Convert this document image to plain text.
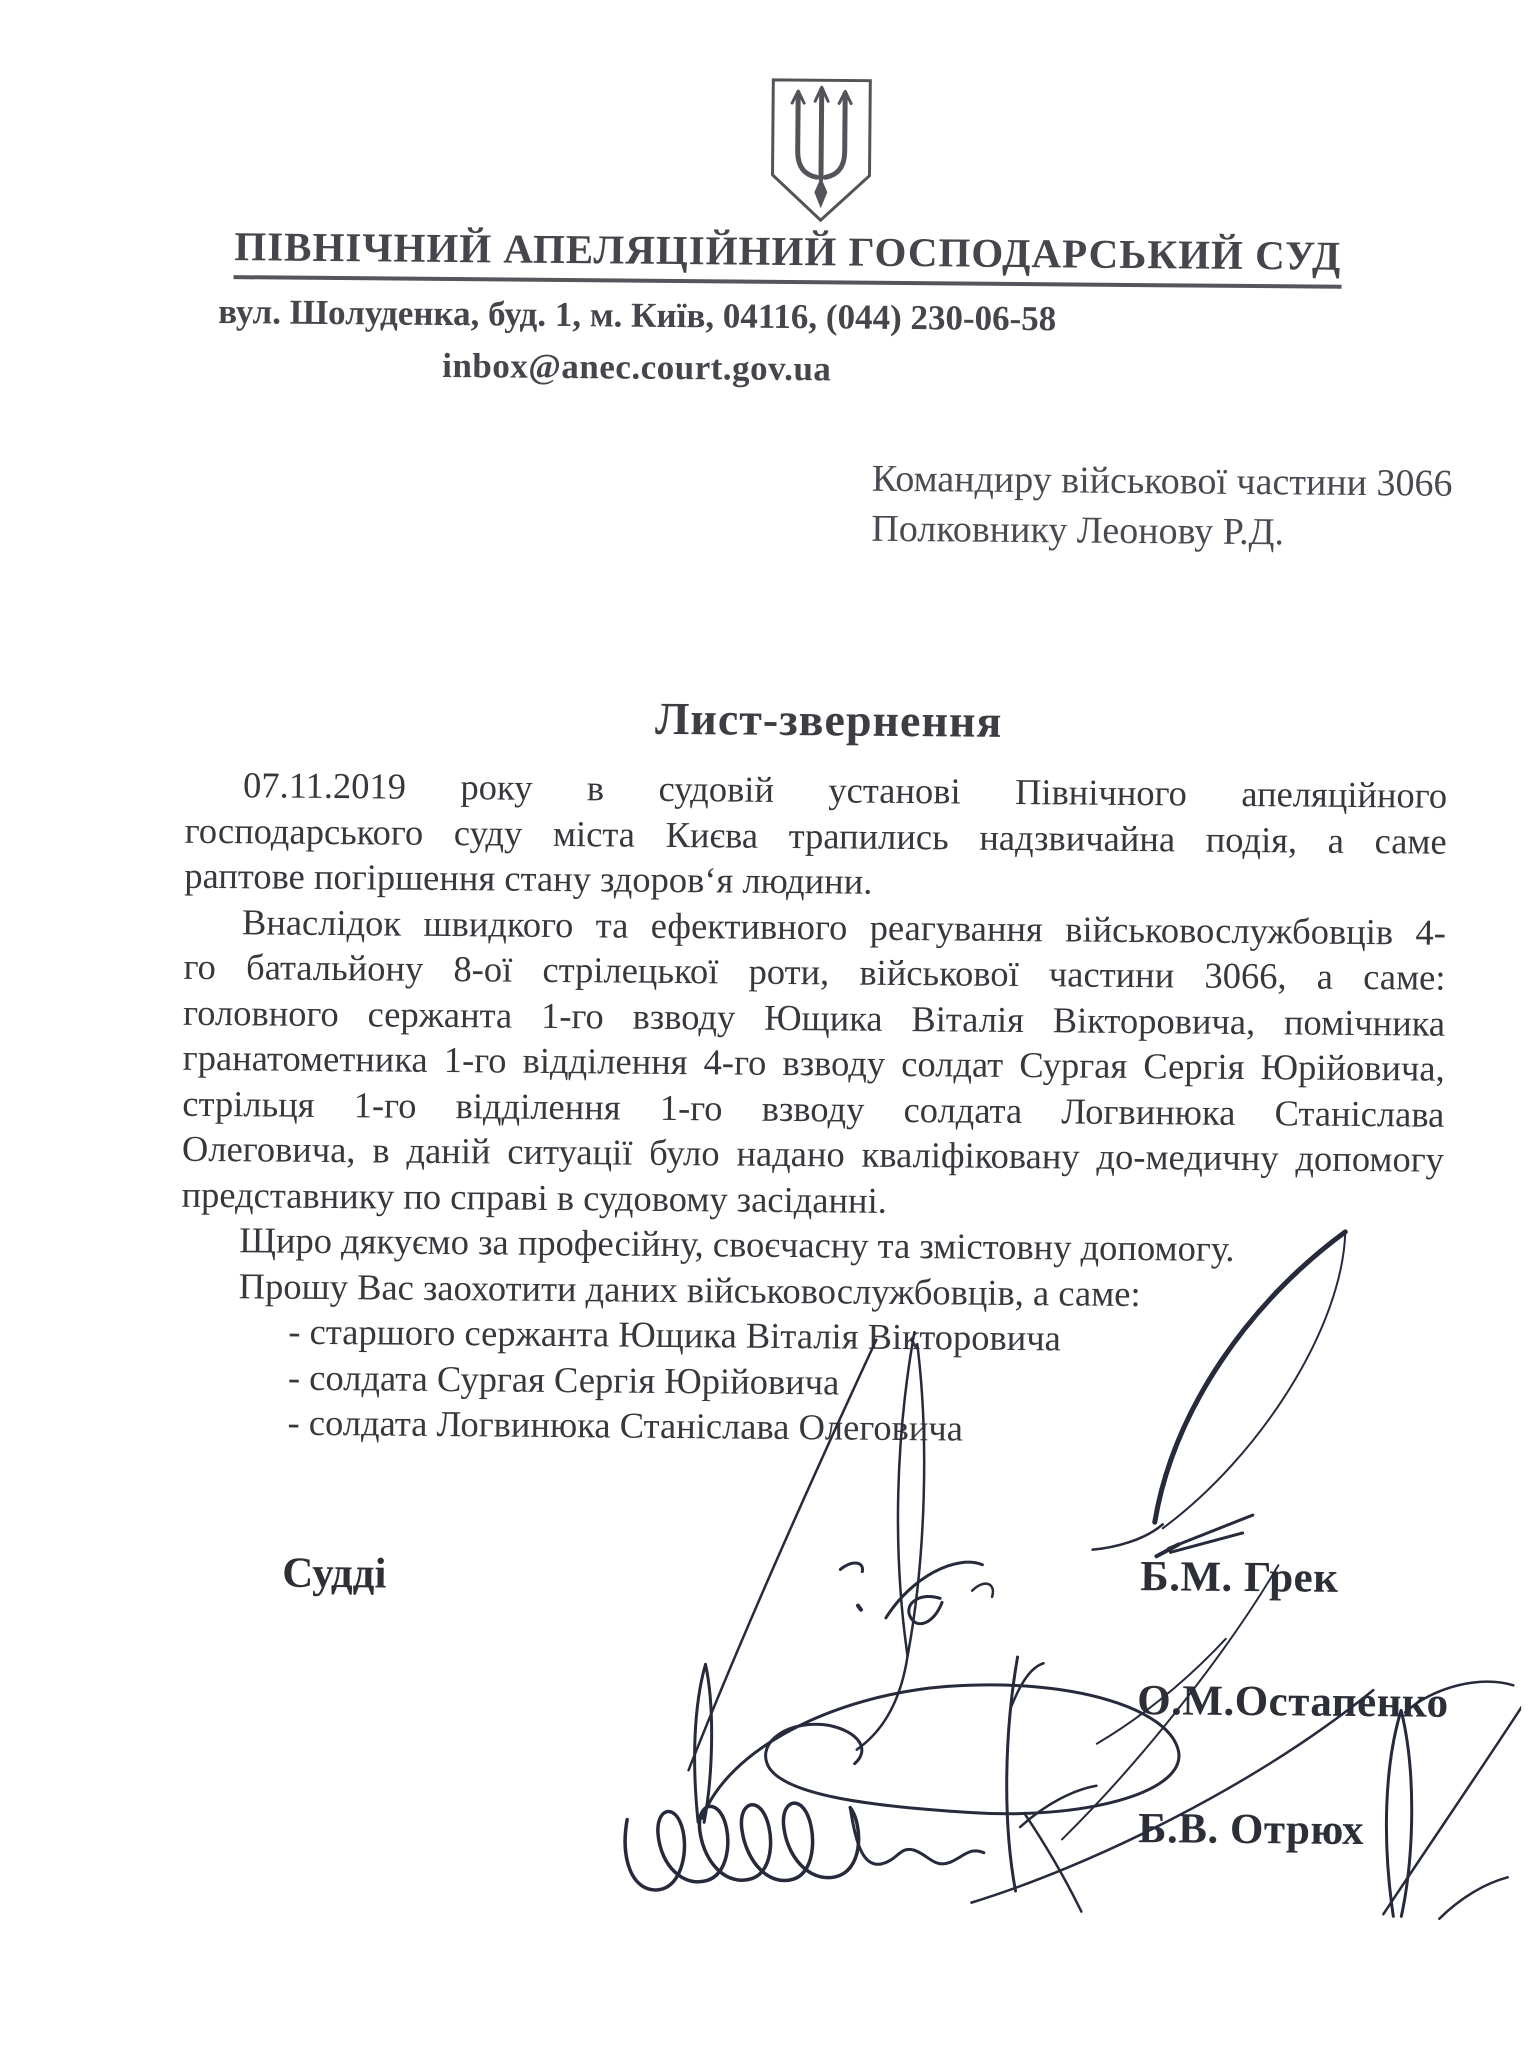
ПІВНІЧНИЙ АПЕЛЯЦІЙНИЙ ГОСПОДАРСЬКИЙ СУД
вул. Шолуденка, буд. 1, м. Київ, 04116, (044) 230-06-58
inbox@anec.court.gov.ua
Командиру військової частини 3066
Полковнику Леонову Р.Д.
Лист-звернення
07.11.2019 року в судовій установі Північного апеляційного
господарського суду міста Києва трапились надзвичайна подія, а саме
раптове погіршення стану здоров‘я людини.
Внаслідок швидкого та ефективного реагування військовослужбовців 4-
го батальйону 8-ої стрілецької роти, військової частини 3066, а саме:
головного сержанта 1-го взводу Ющика Віталія Вікторовича, помічника
гранатометника 1-го відділення 4-го взводу солдат Сургая Сергія Юрійовича,
стрільця 1-го відділення 1-го взводу солдата Логвинюка Станіслава
Олеговича, в даній ситуації було надано кваліфіковану до-медичну допомогу
представнику по справі в судовому засіданні.
Щиро дякуємо за професійну, своєчасну та змістовну допомогу.
Прошу Вас заохотити даних військовослужбовців, а саме:
- старшого сержанта Ющика Віталія Вікторовича
- солдата Сургая Сергія Юрійовича
- солдата Логвинюка Станіслава Олеговича
Судді	Б.М. Грек
О.М.Остапенко
Б.В. Отрюх
